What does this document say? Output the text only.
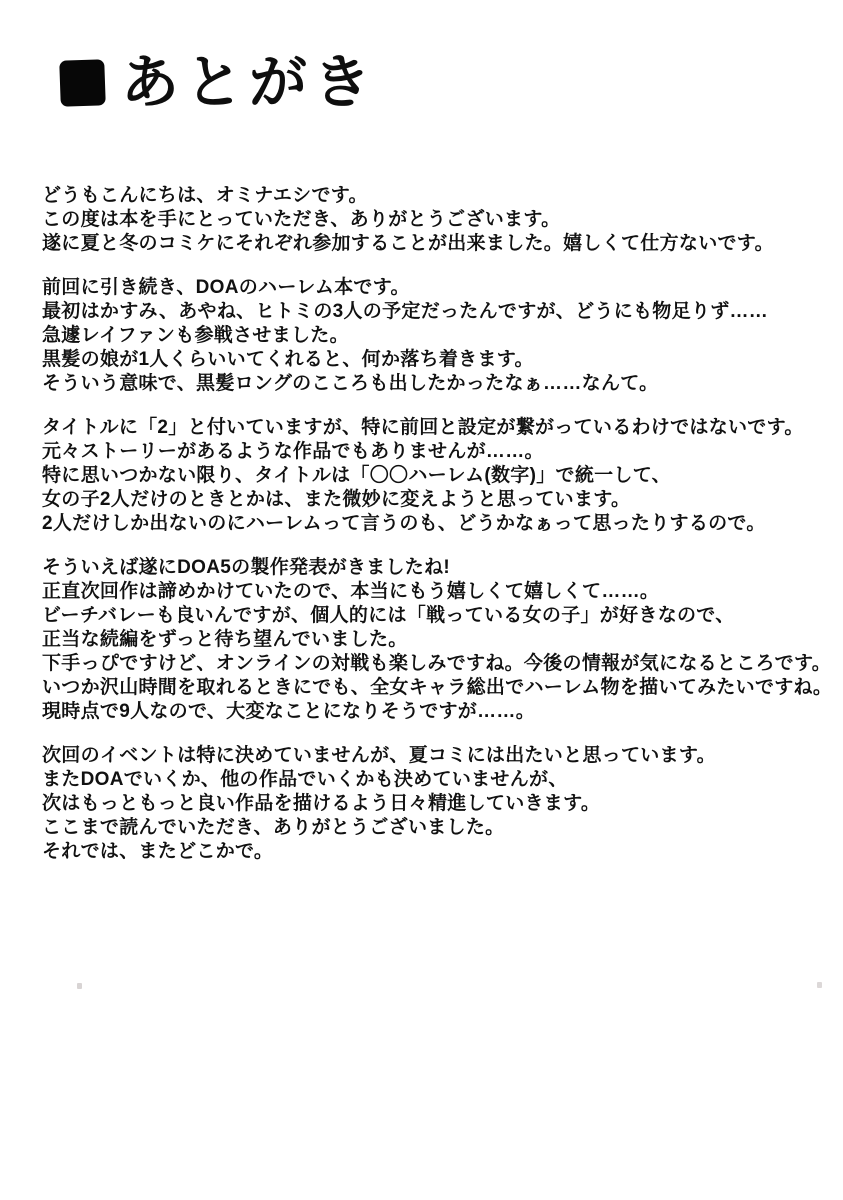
あとがき
どうもこんにちは、オミナエシです。
この度は本を手にとっていただき、ありがとうございます。
遂に夏と冬のコミケにそれぞれ参加することが出来ました。嬉しくて仕方ないです。
前回に引き続き、DOAのハーレム本です。
最初はかすみ、あやね、ヒトミの3人の予定だったんですが、どうにも物足りず……
急遽レイファンも参戦させました。
黒髪の娘が1人くらいいてくれると、何か落ち着きます。
そういう意味で、黒髪ロングのこころも出したかったなぁ……なんて。
タイトルに「2」と付いていますが、特に前回と設定が繋がっているわけではないです。
元々ストーリーがあるような作品でもありませんが……。
特に思いつかない限り、タイトルは「〇〇ハーレム(数字)」で統一して、
女の子2人だけのときとかは、また微妙に変えようと思っています。
2人だけしか出ないのにハーレムって言うのも、どうかなぁって思ったりするので。
そういえば遂にDOA5の製作発表がきましたね!
正直次回作は諦めかけていたので、本当にもう嬉しくて嬉しくて……。
ビーチバレーも良いんですが、個人的には「戦っている女の子」が好きなので、
正当な続編をずっと待ち望んでいました。
下手っぴですけど、オンラインの対戦も楽しみですね。今後の情報が気になるところです。
いつか沢山時間を取れるときにでも、全女キャラ総出でハーレム物を描いてみたいですね。
現時点で9人なので、大変なことになりそうですが……。
次回のイベントは特に決めていませんが、夏コミには出たいと思っています。
またDOAでいくか、他の作品でいくかも決めていませんが、
次はもっともっと良い作品を描けるよう日々精進していきます。
ここまで読んでいただき、ありがとうございました。
それでは、またどこかで。
